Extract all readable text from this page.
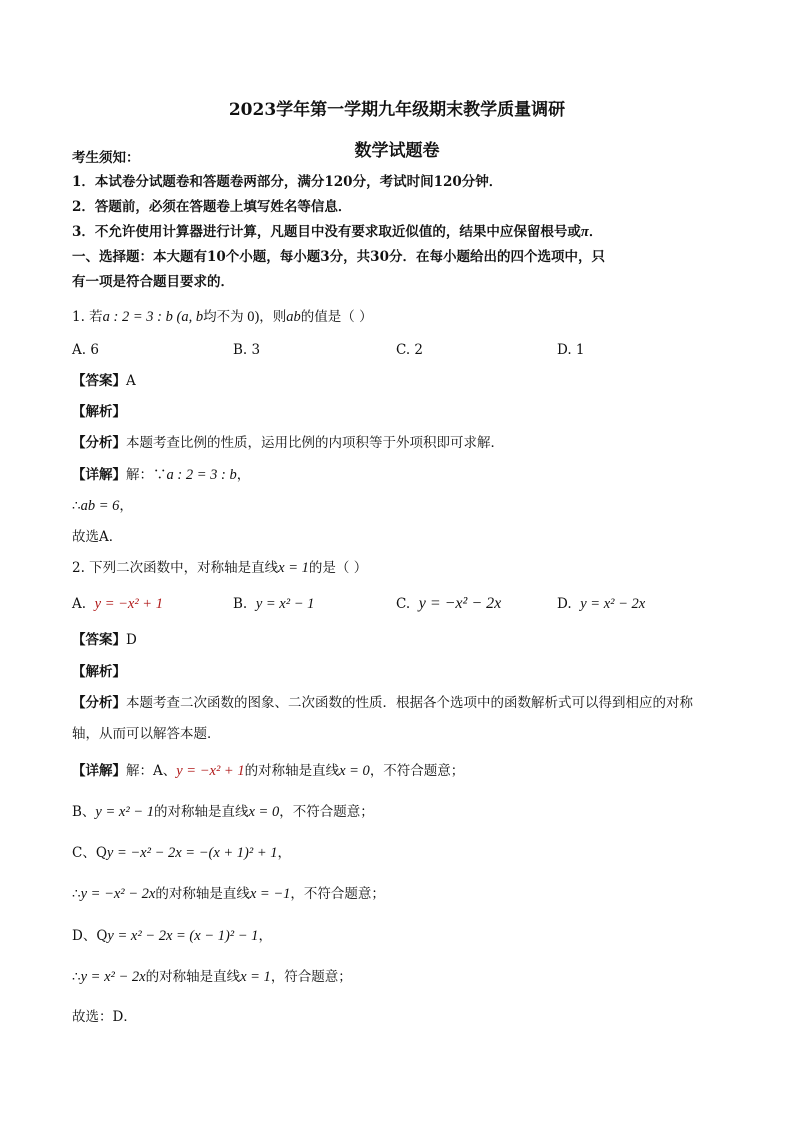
2023学年第一学期九年级期末教学质量调研
数学试题卷
考生须知：
1．本试卷分试题卷和答题卷两部分，满分120分，考试时间120分钟．
2．答题前，必须在答题卷上填写姓名等信息．
3．不允许使用计算器进行计算，凡题目中没有要求取近似值的，结果中应保留根号或π．
一、选择题：本大题有10个小题，每小题3分，共30分．在每小题给出的四个选项中，只
有一项是符合题目要求的．
1. 若a : 2 = 3 : b (a, b均不为 0)，则ab的值是（ ）
A. 6	B. 3	C. 2	D. 1
【答案】A
【解析】
【分析】本题考查比例的性质，运用比例的内项积等于外项积即可求解．
【详解】解：∵a : 2 = 3 : b，
∴ab = 6，
故选A．
2. 下列二次函数中，对称轴是直线x = 1的是（ ）
A. y = −x² + 1	B. y = x² − 1	C. y = −x² − 2x	D. y = x² − 2x
【答案】D
【解析】
【分析】本题考查二次函数的图象、二次函数的性质．根据各个选项中的函数解析式可以得到相应的对称
轴，从而可以解答本题．
【详解】解：A、y = −x² + 1的对称轴是直线x = 0，不符合题意；
B、y = x² − 1的对称轴是直线x = 0，不符合题意；
C、Qy = −x² − 2x = −(x + 1)² + 1，
∴y = −x² − 2x的对称轴是直线x = −1，不符合题意；
D、Qy = x² − 2x = (x − 1)² − 1，
∴y = x² − 2x的对称轴是直线x = 1，符合题意；
故选：D．
